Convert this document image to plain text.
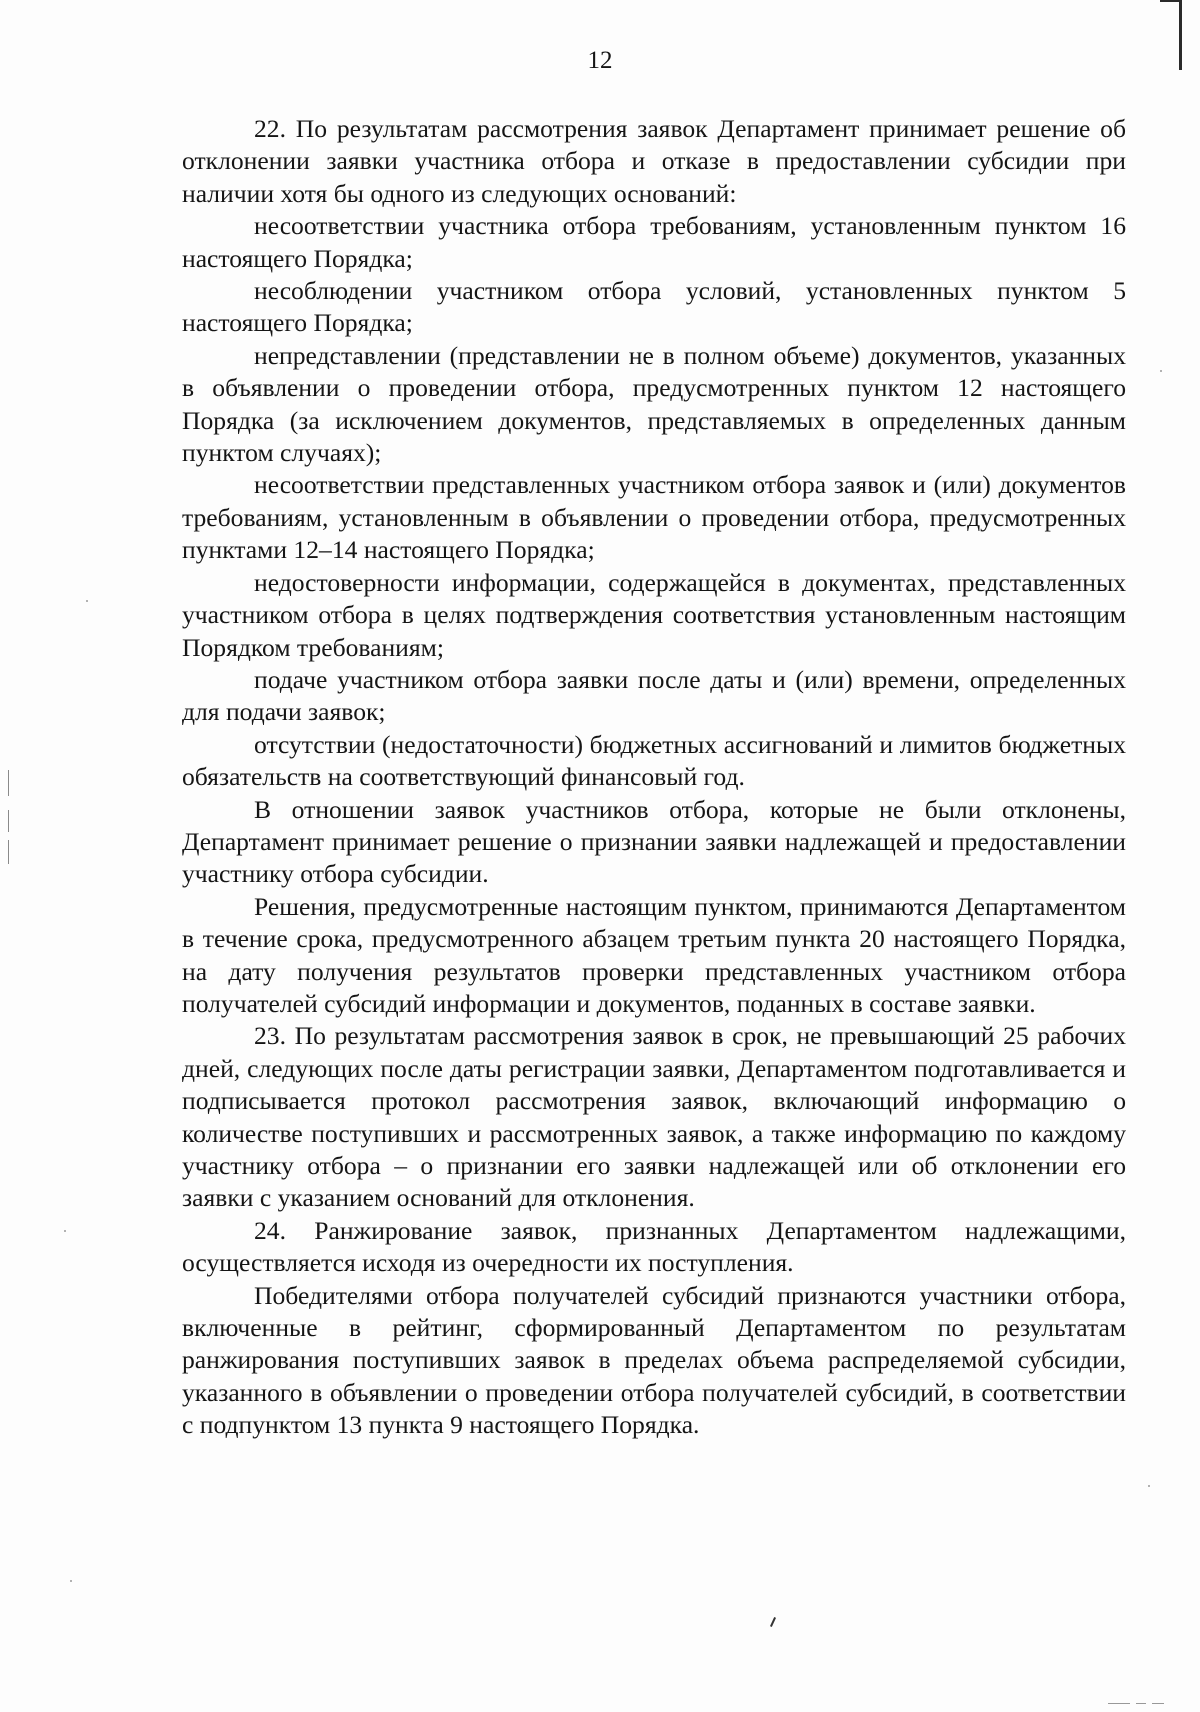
12

22. По результатам рассмотрения заявок Департамент принимает решение об отклонении заявки участника отбора и отказе в предоставлении субсидии при наличии хотя бы одного из следующих оснований:

несоответствии участника отбора требованиям, установленным пунктом 16 настоящего Порядка;

несоблюдении участником отбора условий, установленных пунктом 5 настоящего Порядка;

непредставлении (представлении не в полном объеме) документов, указанных в объявлении о проведении отбора, предусмотренных пунктом 12 настоящего Порядка (за исключением документов, представляемых в определенных данным пунктом случаях);

несоответствии представленных участником отбора заявок и (или) документов требованиям, установленным в объявлении о проведении отбора, предусмотренных пунктами 12–14 настоящего Порядка;

недостоверности информации, содержащейся в документах, представленных участником отбора в целях подтверждения соответствия установленным настоящим Порядком требованиям;

подаче участником отбора заявки после даты и (или) времени, определенных для подачи заявок;

отсутствии (недостаточности) бюджетных ассигнований и лимитов бюджетных обязательств на соответствующий финансовый год.

В отношении заявок участников отбора, которые не были отклонены, Департамент принимает решение о признании заявки надлежащей и предоставлении участнику отбора субсидии.

Решения, предусмотренные настоящим пунктом, принимаются Департаментом в течение срока, предусмотренного абзацем третьим пункта 20 настоящего Порядка, на дату получения результатов проверки представленных участником отбора получателей субсидий информации и документов, поданных в составе заявки.

23. По результатам рассмотрения заявок в срок, не превышающий 25 рабочих дней, следующих после даты регистрации заявки, Департаментом подготавливается и подписывается протокол рассмотрения заявок, включающий информацию о количестве поступивших и рассмотренных заявок, а также информацию по каждому участнику отбора – о признании его заявки надлежащей или об отклонении его заявки с указанием оснований для отклонения.

24. Ранжирование заявок, признанных Департаментом надлежащими, осуществляется исходя из очередности их поступления.

Победителями отбора получателей субсидий признаются участники отбора, включенные в рейтинг, сформированный Департаментом по результатам ранжирования поступивших заявок в пределах объема распределяемой субсидии, указанного в объявлении о проведении отбора получателей субсидий, в соответствии с подпунктом 13 пункта 9 настоящего Порядка.
